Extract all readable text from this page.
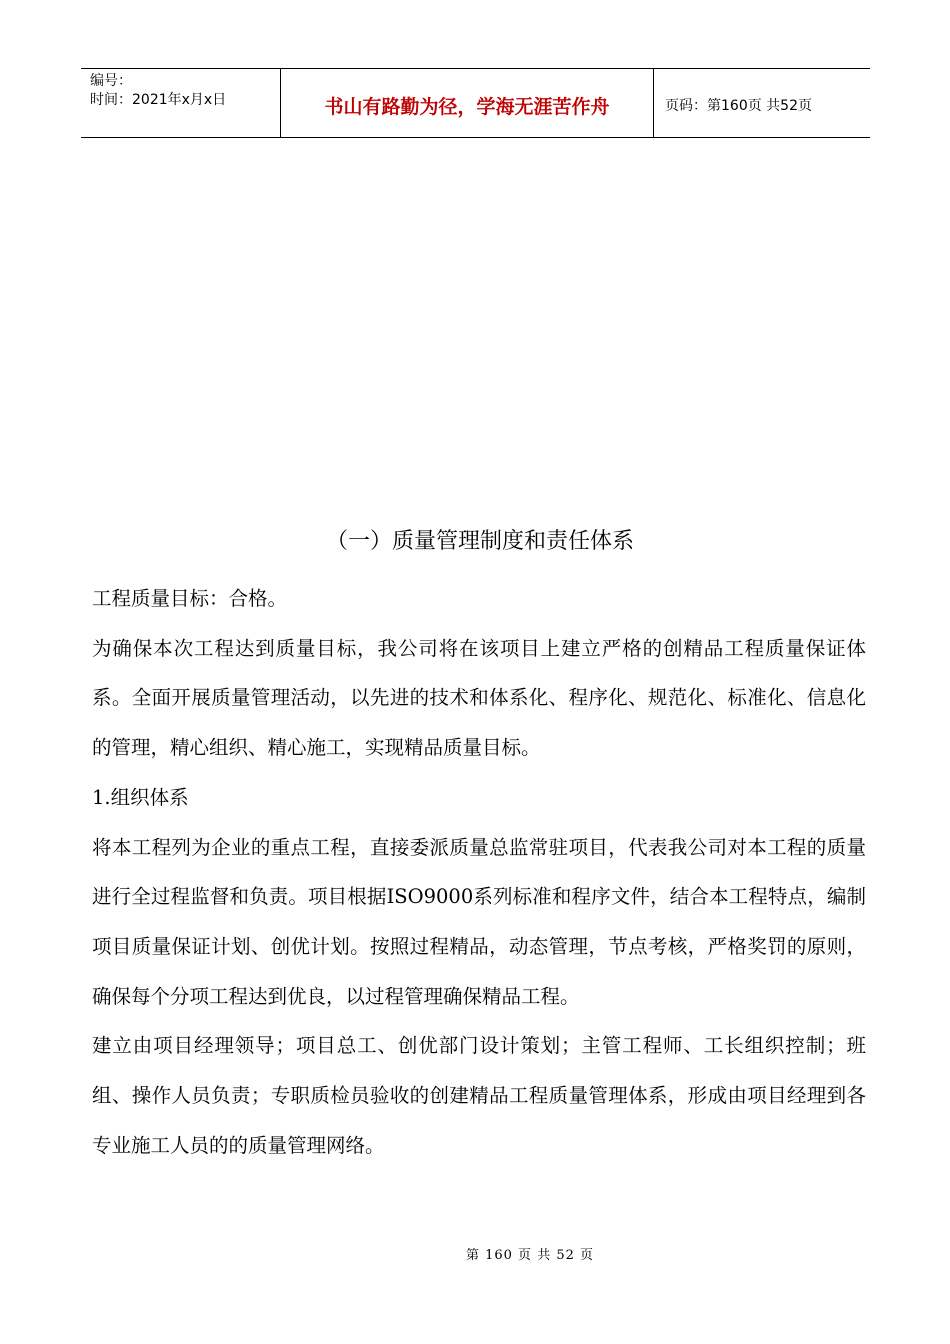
编号：
时间：2021年x月x日	书山有路勤为径，学海无涯苦作舟	页码：第160页 共52页
（一）质量管理制度和责任体系

工程质量目标：合格。

为确保本次工程达到质量目标，我公司将在该项目上建立严格的创精品工程质量保证体系。全面开展质量管理活动，以先进的技术和体系化、程序化、规范化、标准化、信息化的管理，精心组织、精心施工，实现精品质量目标。

1.组织体系

将本工程列为企业的重点工程，直接委派质量总监常驻项目，代表我公司对本工程的质量进行全过程监督和负责。项目根据ISO9000系列标准和程序文件，结合本工程特点，编制项目质量保证计划、创优计划。按照过程精品，动态管理，节点考核，严格奖罚的原则，确保每个分项工程达到优良，以过程管理确保精品工程。

建立由项目经理领导；项目总工、创优部门设计策划；主管工程师、工长组织控制；班组、操作人员负责；专职质检员验收的创建精品工程质量管理体系，形成由项目经理到各专业施工人员的的质量管理网络。

第 160 页 共 52 页
